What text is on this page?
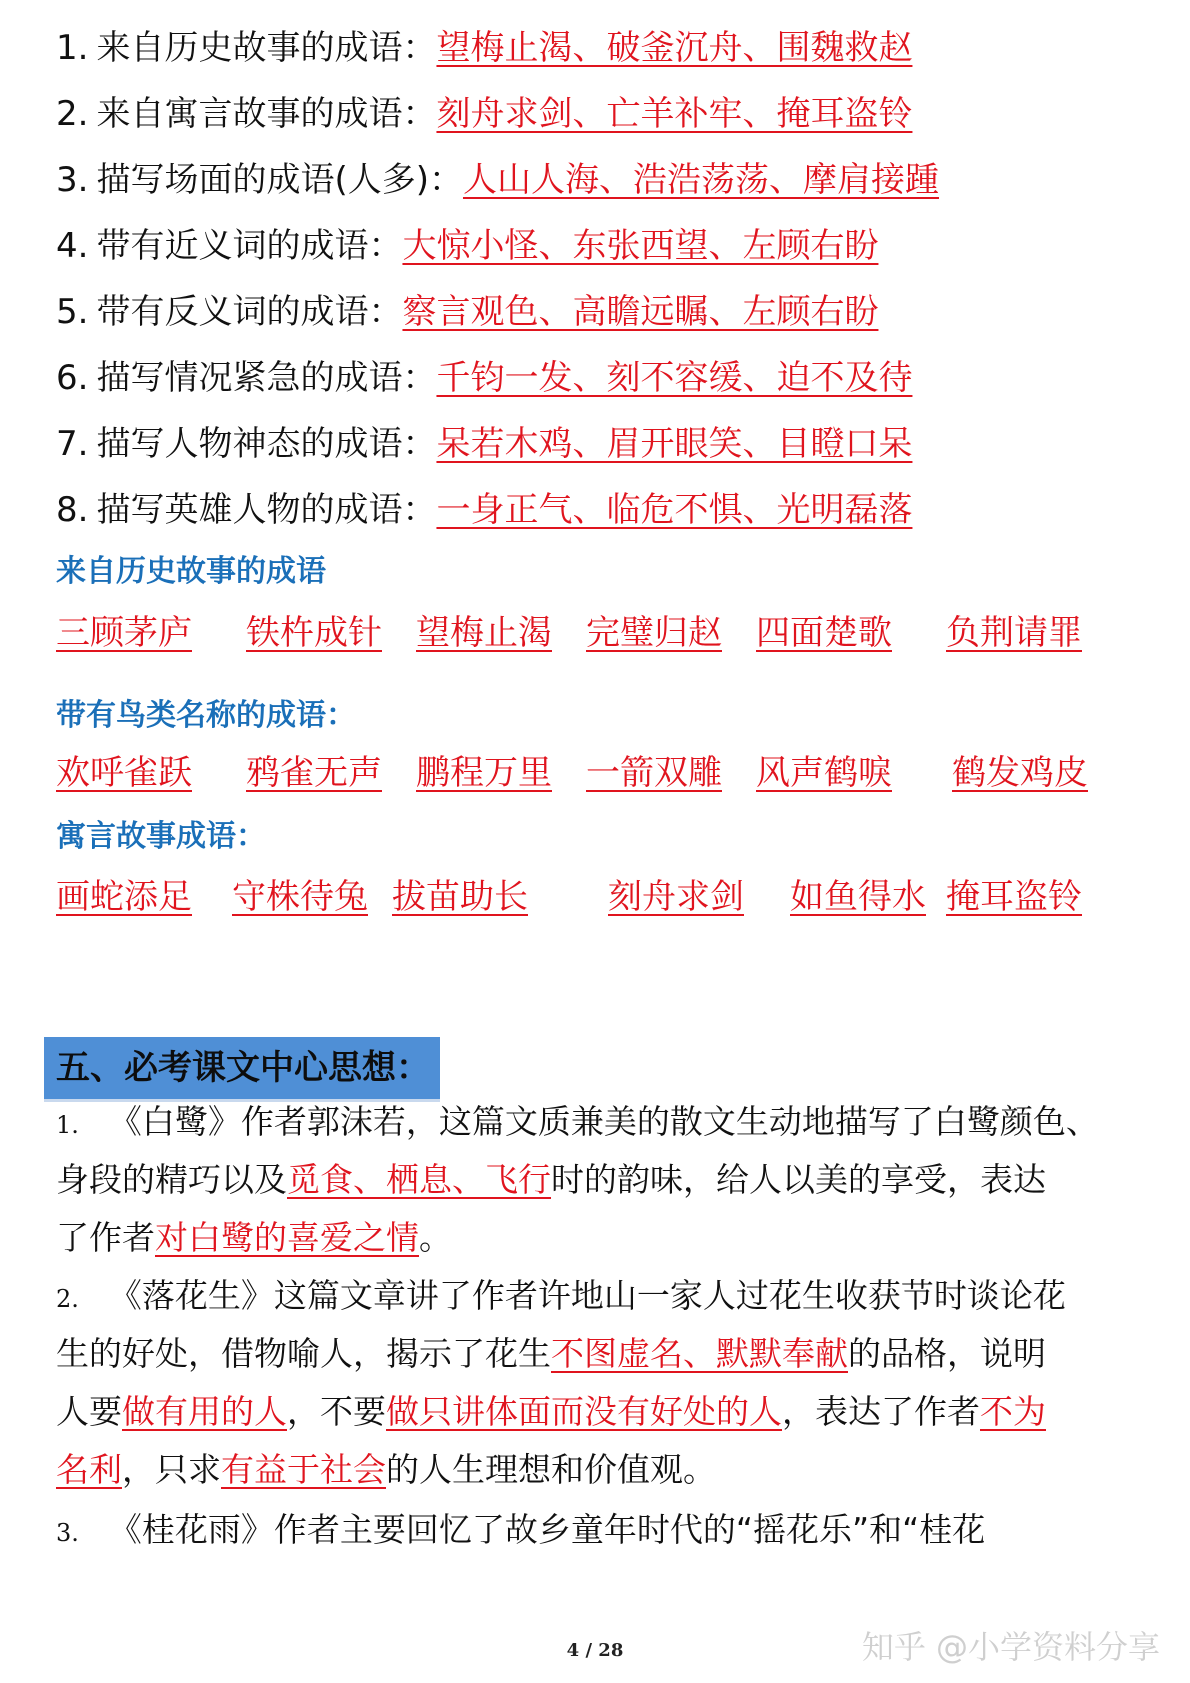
1. 来自历史故事的成语：望梅止渴、破釜沉舟、围魏救赵
2. 来自寓言故事的成语：刻舟求剑、亡羊补牢、掩耳盗铃
3. 描写场面的成语(人多)：人山人海、浩浩荡荡、摩肩接踵
4. 带有近义词的成语：大惊小怪、东张西望、左顾右盼
5. 带有反义词的成语：察言观色、高瞻远瞩、左顾右盼
6. 描写情况紧急的成语：千钧一发、刻不容缓、迫不及待
7. 描写人物神态的成语：呆若木鸡、眉开眼笑、目瞪口呆
8. 描写英雄人物的成语：一身正气、临危不惧、光明磊落
来自历史故事的成语
三顾茅庐 铁杵成针 望梅止渴 完璧归赵 四面楚歌 负荆请罪
带有鸟类名称的成语：
欢呼雀跃 鸦雀无声 鹏程万里 一箭双雕 风声鹤唳 鹤发鸡皮
寓言故事成语：
画蛇添足 守株待兔 拔苗助长 刻舟求剑 如鱼得水 掩耳盗铃
五、必考课文中心思想：
1. 《白鹭》作者郭沫若，这篇文质兼美的散文生动地描写了白鹭颜色、
身段的精巧以及觅食、栖息、飞行时的韵味，给人以美的享受，表达
了作者对白鹭的喜爱之情。
2. 《落花生》这篇文章讲了作者许地山一家人过花生收获节时谈论花
生的好处，借物喻人，揭示了花生不图虚名、默默奉献的品格，说明
人要做有用的人，不要做只讲体面而没有好处的人，表达了作者不为
名利，只求有益于社会的人生理想和价值观。
3. 《桂花雨》作者主要回忆了故乡童年时代的“摇花乐”和“桂花
4 / 28	知乎 @小学资料分享
